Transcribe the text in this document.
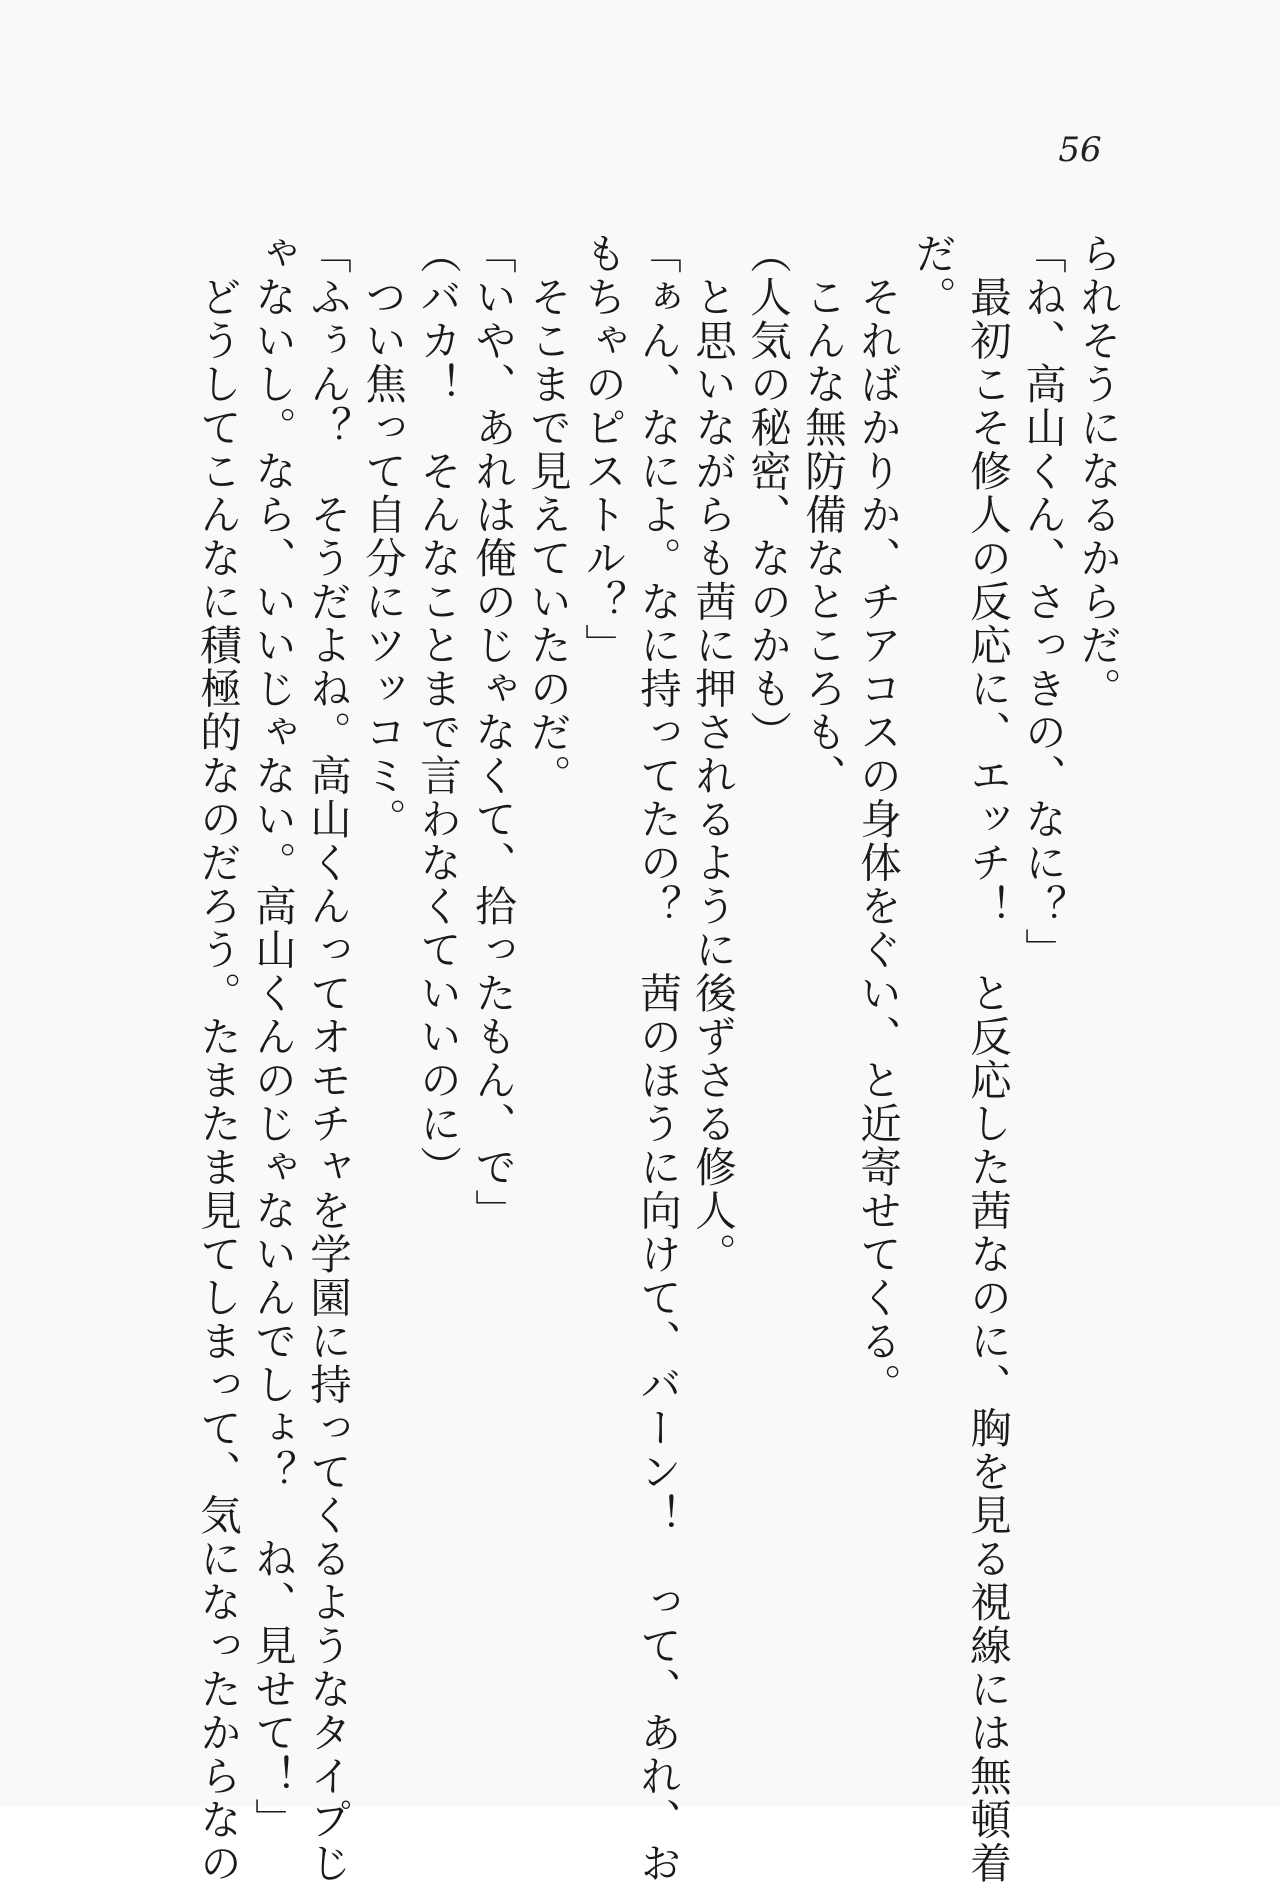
56
られそうになるからだ。
「ね、高山くん、さっきの、なに？」
　最初こそ修人の反応に、エッチ！　と反応した茜なのに、胸を見る視線には無頓着
だ。
　そればかりか、チアコスの身体をぐい、と近寄せてくる。
　こんな無防備なところも、
（人気の秘密、なのかも）
　と思いながらも茜に押されるように後ずさる修人。
「ぁん、なによ。なに持ってたの？　茜のほうに向けて、バーン！　って、あれ、お
もちゃのピストル？」
　そこまで見えていたのだ。
「いや、あれは俺のじゃなくて、拾ったもん、で」
（バカ！　そんなことまで言わなくていいのに）
　つい焦って自分にツッコミ。
「ふぅん？　そうだよね。高山くんってオモチャを学園に持ってくるようなタイプじ
ゃないし。なら、いいじゃない。高山くんのじゃないんでしょ？　ね、見せて！」
　どうしてこんなに積極的なのだろう。たまたま見てしまって、気になったからなの
